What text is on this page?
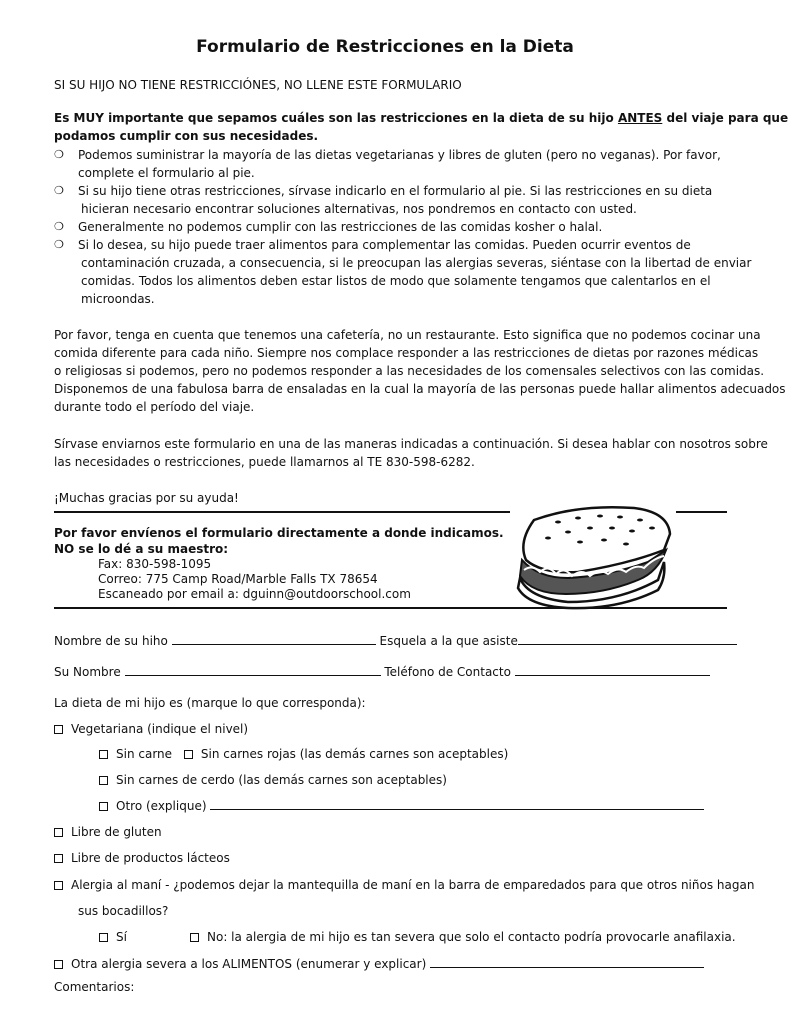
Formulario de Restricciones en la Dieta
SI SU HIJO NO TIENE RESTRICCIÓNES, NO LLENE ESTE FORMULARIO
Es MUY importante que sepamos cuáles son las restricciones en la dieta de su hijo ANTES del viaje para que
podamos cumplir con sus necesidades.
❍ Podemos suministrar la mayoría de las dietas vegetarianas y libres de gluten (pero no veganas). Por favor,
complete el formulario al pie.
❍ Si su hijo tiene otras restricciones, sírvase indicarlo en el formulario al pie. Si las restricciones en su dieta
hicieran necesario encontrar soluciones alternativas, nos pondremos en contacto con usted.
❍ Generalmente no podemos cumplir con las restricciones de las comidas kosher o halal.
❍ Si lo desea, su hijo puede traer alimentos para complementar las comidas. Pueden ocurrir eventos de
contaminación cruzada, a consecuencia, si le preocupan las alergias severas, siéntase con la libertad de enviar
comidas. Todos los alimentos deben estar listos de modo que solamente tengamos que calentarlos en el
microondas.
Por favor, tenga en cuenta que tenemos una cafetería, no un restaurante. Esto significa que no podemos cocinar una
comida diferente para cada niño. Siempre nos complace responder a las restricciones de dietas por razones médicas
o religiosas si podemos, pero no podemos responder a las necesidades de los comensales selectivos con las comidas.
Disponemos de una fabulosa barra de ensaladas en la cual la mayoría de las personas puede hallar alimentos adecuados
durante todo el período del viaje.
Sírvase enviarnos este formulario en una de las maneras indicadas a continuación. Si desea hablar con nosotros sobre
las necesidades o restricciones, puede llamarnos al TE 830-598-6282.
¡Muchas gracias por su ayuda!
Por favor envíenos el formulario directamente a donde indicamos.
NO se lo dé a su maestro:
Fax: 830-598-1095
Correo: 775 Camp Road/Marble Falls TX 78654
Escaneado por email a: dguinn@outdoorschool.com
Nombre de su hiho	Esquela a la que asiste
Su Nombre	Teléfono de Contacto
La dieta de mi hijo es (marque lo que corresponda):
Vegetariana (indique el nivel)
Sin carne Sin carnes rojas (las demás carnes son aceptables)
Sin carnes de cerdo (las demás carnes son aceptables)
Otro (explique)
Libre de gluten
Libre de productos lácteos
Alergia al maní - ¿podemos dejar la mantequilla de maní en la barra de emparedados para que otros niños hagan
sus bocadillos?
Sí	No: la alergia de mi hijo es tan severa que solo el contacto podría provocarle anafilaxia.
Otra alergia severa a los ALIMENTOS (enumerar y explicar)
Comentarios:
